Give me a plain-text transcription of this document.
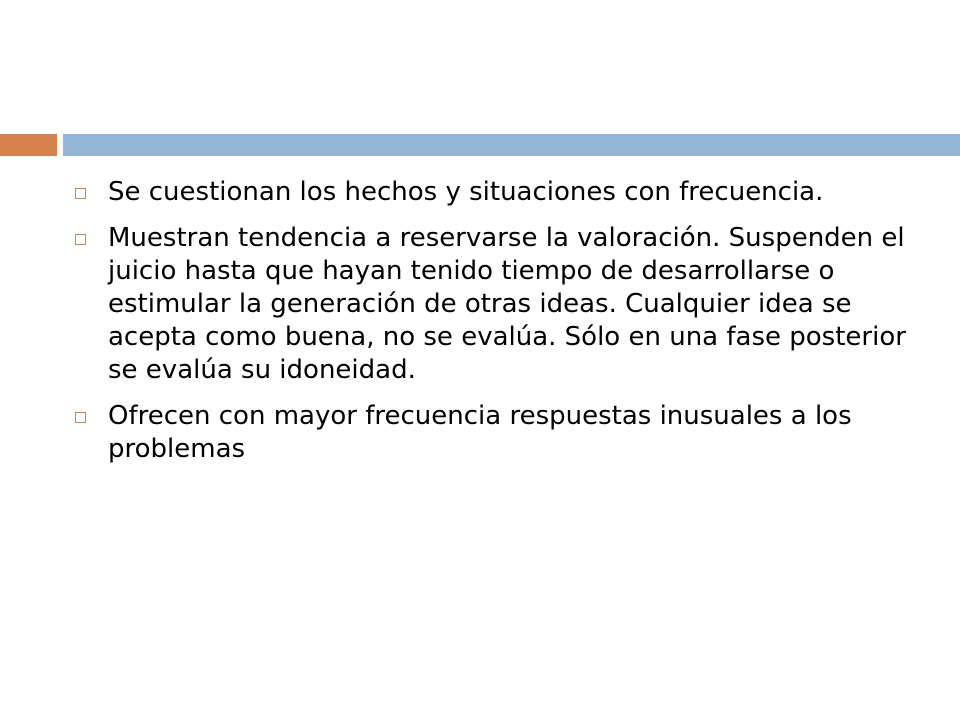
Se cuestionan los hechos y situaciones con frecuencia.
Muestran tendencia a reservarse la valoración. Suspenden el juicio hasta que hayan tenido tiempo de desarrollarse o estimular la generación de otras ideas. Cualquier idea se acepta como buena, no se evalúa. Sólo en una fase posterior se evalúa su idoneidad.
Ofrecen con mayor frecuencia respuestas inusuales a los problemas
